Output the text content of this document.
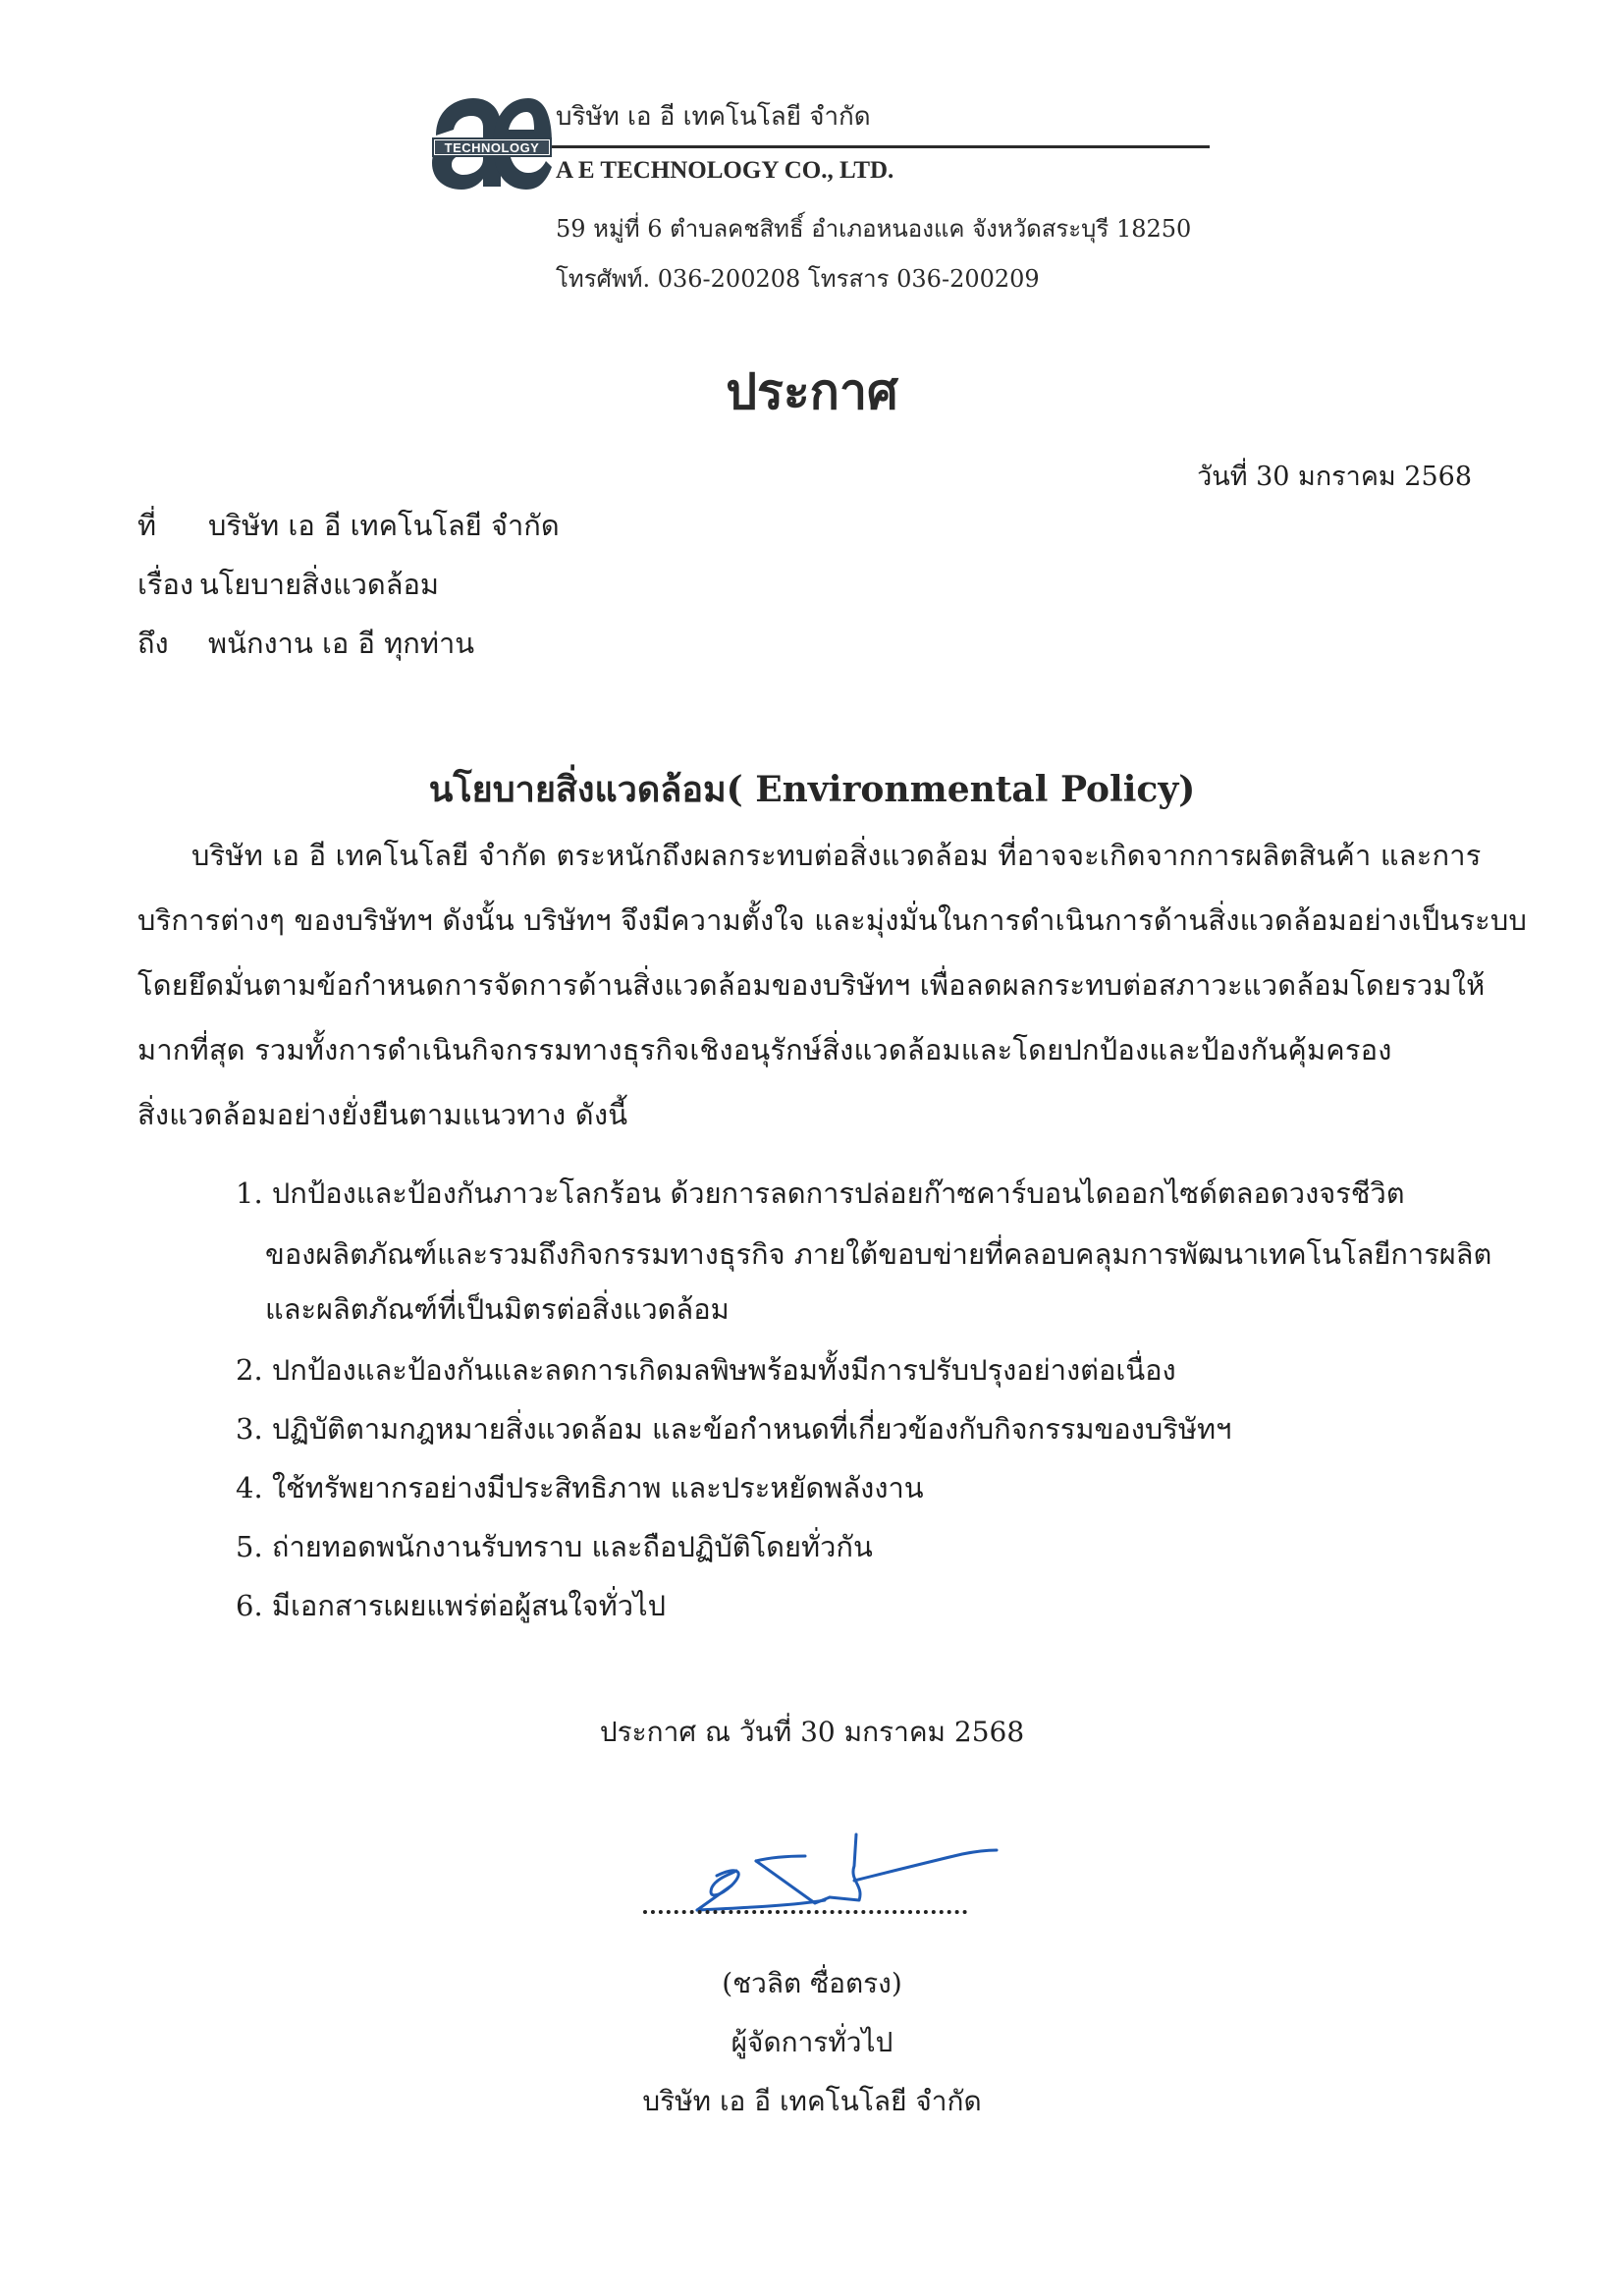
TECHNOLOGY
บริษัท เอ อี เทคโนโลยี จำกัด
A E TECHNOLOGY CO., LTD.
59 หมู่ที่ 6 ตำบลคชสิทธิ์ อำเภอหนองแค จังหวัดสระบุรี 18250
โทรศัพท์. 036-200208 โทรสาร 036-200209
ประกาศ
วันที่ 30 มกราคม 2568
ที่ บริษัท เอ อี เทคโนโลยี จำกัด
เรื่อง นโยบายสิ่งแวดล้อม
ถึง พนักงาน เอ อี ทุกท่าน
นโยบายสิ่งแวดล้อม( Environmental Policy)
บริษัท เอ อี เทคโนโลยี จำกัด ตระหนักถึงผลกระทบต่อสิ่งแวดล้อม ที่อาจจะเกิดจากการผลิตสินค้า และการ
บริการต่างๆ ของบริษัทฯ ดังนั้น บริษัทฯ จึงมีความตั้งใจ และมุ่งมั่นในการดำเนินการด้านสิ่งแวดล้อมอย่างเป็นระบบ
โดยยึดมั่นตามข้อกำหนดการจัดการด้านสิ่งแวดล้อมของบริษัทฯ เพื่อลดผลกระทบต่อสภาวะแวดล้อมโดยรวมให้
มากที่สุด รวมทั้งการดำเนินกิจกรรมทางธุรกิจเชิงอนุรักษ์สิ่งแวดล้อมและโดยปกป้องและป้องกันคุ้มครอง
สิ่งแวดล้อมอย่างยั่งยืนตามแนวทาง ดังนี้
1. ปกป้องและป้องกันภาวะโลกร้อน ด้วยการลดการปล่อยก๊าซคาร์บอนไดออกไซด์ตลอดวงจรชีวิต
ของผลิตภัณฑ์และรวมถึงกิจกรรมทางธุรกิจ ภายใต้ขอบข่ายที่คลอบคลุมการพัฒนาเทคโนโลยีการผลิต
และผลิตภัณฑ์ที่เป็นมิตรต่อสิ่งแวดล้อม
2. ปกป้องและป้องกันและลดการเกิดมลพิษพร้อมทั้งมีการปรับปรุงอย่างต่อเนื่อง
3. ปฏิบัติตามกฎหมายสิ่งแวดล้อม และข้อกำหนดที่เกี่ยวข้องกับกิจกรรมของบริษัทฯ
4. ใช้ทรัพยากรอย่างมีประสิทธิภาพ และประหยัดพลังงาน
5. ถ่ายทอดพนักงานรับทราบ และถือปฏิบัติโดยทั่วกัน
6. มีเอกสารเผยแพร่ต่อผู้สนใจทั่วไป
ประกาศ ณ วันที่ 30 มกราคม 2568
(ชวลิต ซื่อตรง)
ผู้จัดการทั่วไป
บริษัท เอ อี เทคโนโลยี จำกัด
